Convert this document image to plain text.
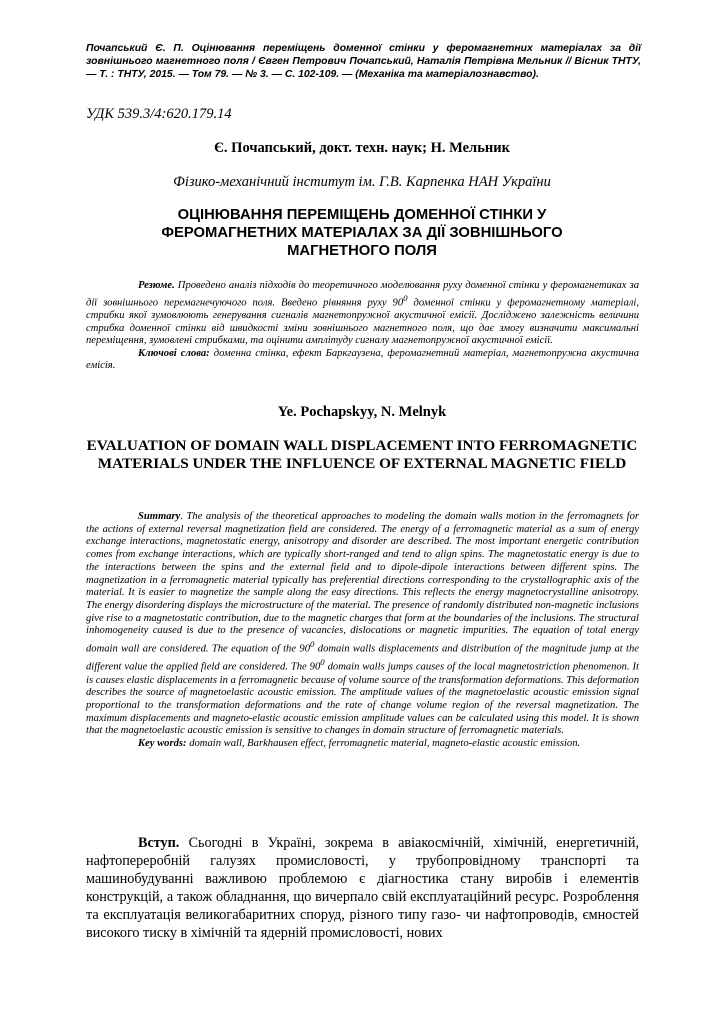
Почапський Є. П. Оцінювання переміщень доменної стінки у феромагнетних матеріалах за дії зовнішнього магнетного поля / Євген Петрович Почапський, Наталія Петрівна Мельник // Вісник ТНТУ, — Т. : ТНТУ, 2015. — Том 79. — № 3. — С. 102-109. — (Механіка та матеріалознавство).
УДК 539.3/4:620.179.14
Є. Почапський, докт. техн. наук; Н. Мельник
Фізико-механічний інститут ім. Г.В. Карпенка НАН України
ОЦІНЮВАННЯ ПЕРЕМІЩЕНЬ ДОМЕННОЇ СТІНКИ У ФЕРОМАГНЕТНИХ МАТЕРІАЛАХ ЗА ДІЇ ЗОВНІШНЬОГО МАГНЕТНОГО ПОЛЯ

Резюме. Проведено аналіз підходів до теоретичного моделювання руху доменної стінки у феромагнетиках за дії зовнішнього перемагнечуючого поля. Введено рівняння руху $90^0$ доменної стінки у феромагнетному матеріалі, стрибки якої зумовлюють генерування сигналів магнетопружної акустичної емісії. Досліджено залежність величини стрибка доменної стінки від швидкості зміни зовнішнього магнетного поля, що дає змогу визначити максимальні переміщення, зумовлені стрибками, та оцінити амплітуду сигналу магнетопружної акустичної емісії.

Ключові слова: доменна стінка, ефект Баркгаузена, феромагнетний матеріал, магнетопружна акустична емісія.

Ye. Pochapskyy, N. Melnyk
EVALUATION OF DOMAIN WALL DISPLACEMENT INTO FERROMAGNETIC MATERIALS UNDER THE INFLUENCE OF EXTERNAL MAGNETIC FIELD

Summary. The analysis of the theoretical approaches to modeling the domain walls motion in the ferromagnets for the actions of external reversal magnetization field are considered. The energy of a ferromagnetic material as a sum of energy exchange interactions, magnetostatic energy, anisotropy and disorder are described. The most important energetic contribution comes from exchange interactions, which are typically short-ranged and tend to align spins. The magnetostatic energy is due to the interactions between the spins and the external field and to dipole-dipole interactions between different spins. The magnetization in a ferromagnetic material typically has preferential directions corresponding to the crystallographic axis of the material. It is easier to magnetize the sample along the easy directions. This reflects the energy magnetocrystalline anisotropy. The energy disordering displays the microstructure of the material. The presence of randomly distributed non-magnetic inclusions give rise to a magnetostatic contribution, due to the magnetic charges that form at the boundaries of the inclusions. The structural inhomogeneity caused is due to the presence of vacancies, dislocations or magnetic impurities. The equation of total energy domain wall are considered. The equation of the $90^0$ domain walls displacements and distribution of the magnitude jump at the different value the applied field are considered. The $90^0$ domain walls jumps causes of the local magnetostriction phenomenon. It is causes elastic displacements in a ferromagnetic because of volume source of the transformation deformations. This deformation describes the source of magnetoelastic acoustic emission. The amplitude values of the magnetoelastic acoustic emission signal proportional to the transformation deformations and the rate of change volume region of the reversal magnetization. The maximum displacements and magneto-elastic acoustic emission amplitude values can be calculated using this model. It is shown that the magnetoelastic acoustic emission is sensitive to changes in domain structure of ferromagnetic materials.

Key words: domain wall, Barkhausen effect, ferromagnetic material, magneto-elastic acoustic emission.

Вступ. Сьогодні в Україні, зокрема в авіакосмічній, хімічній, енергетичній, нафтопереробній галузях промисловості, у трубопровідному транспорті та машинобудуванні важливою проблемою є діагностика стану виробів і елементів конструкцій, а також обладнання, що вичерпало свій експлуатаційний ресурс. Розроблення та експлуатація великогабаритних споруд, різного типу газо- чи нафтопроводів, ємностей високого тиску в хімічній та ядерній промисловості, нових
